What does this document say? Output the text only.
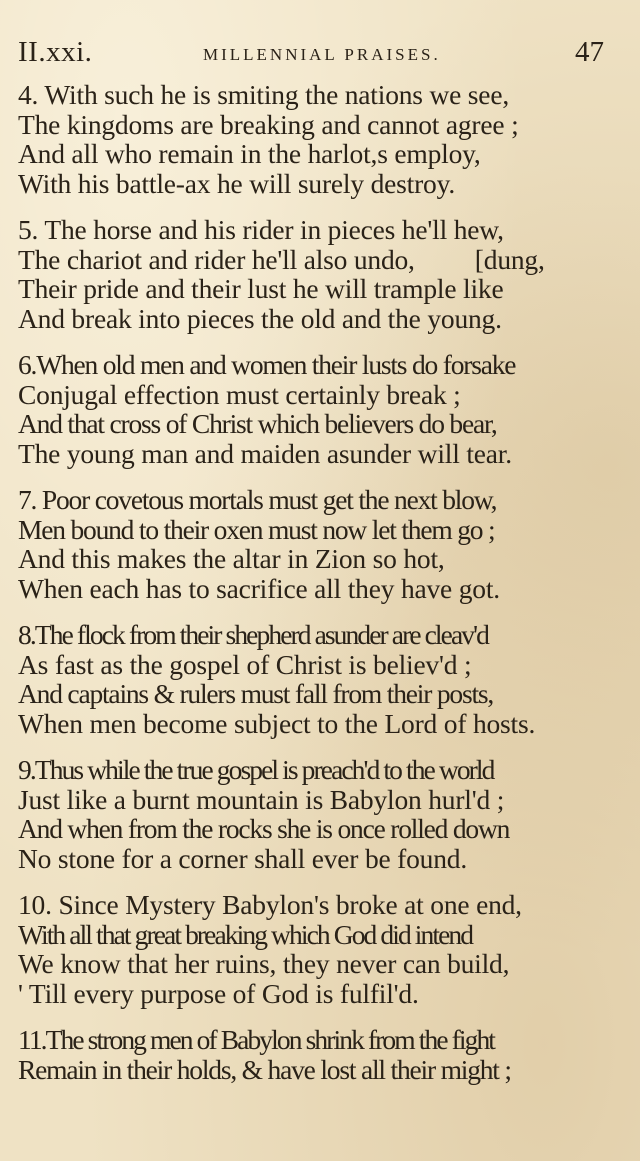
II.xxi.	MILLENNIAL PRAISES.	47
4. With such he is smiting the nations we see,
The kingdoms are breaking and cannot agree ;
And all who remain in the harlot,s employ,
With his battle-ax he will surely destroy.
5. The horse and his rider in pieces he'll hew,
The chariot and rider he'll also undo,         [dung,
Their pride and their lust he will trample like
And break into pieces the old and the young.
6.When old men and women their lusts do forsake
Conjugal effection must certainly break ;
And that cross of Christ which believers do bear,
The young man and maiden asunder will tear.
7. Poor covetous mortals must get the next blow,
Men bound to their oxen must now let them go ;
And this makes the altar in Zion so hot,
When each has to sacrifice all they have got.
8.The flock from their shepherd asunder are cleav'd
As fast as the gospel of Christ is believ'd ;
And captains & rulers must fall from their posts,
When men become subject to the Lord of hosts.
9.Thus while the true gospel is preach'd to the world
Just like a burnt mountain is Babylon hurl'd ;
And when from the rocks she is once rolled down
No stone for a corner shall ever be found.
10. Since Mystery Babylon's broke at one end,
With all that great breaking which God did intend
We know that her ruins, they never can build,
' Till every purpose of God is fulfil'd.
11.The strong men of Babylon shrink from the fight
Remain in their holds, & have lost all their might ;
